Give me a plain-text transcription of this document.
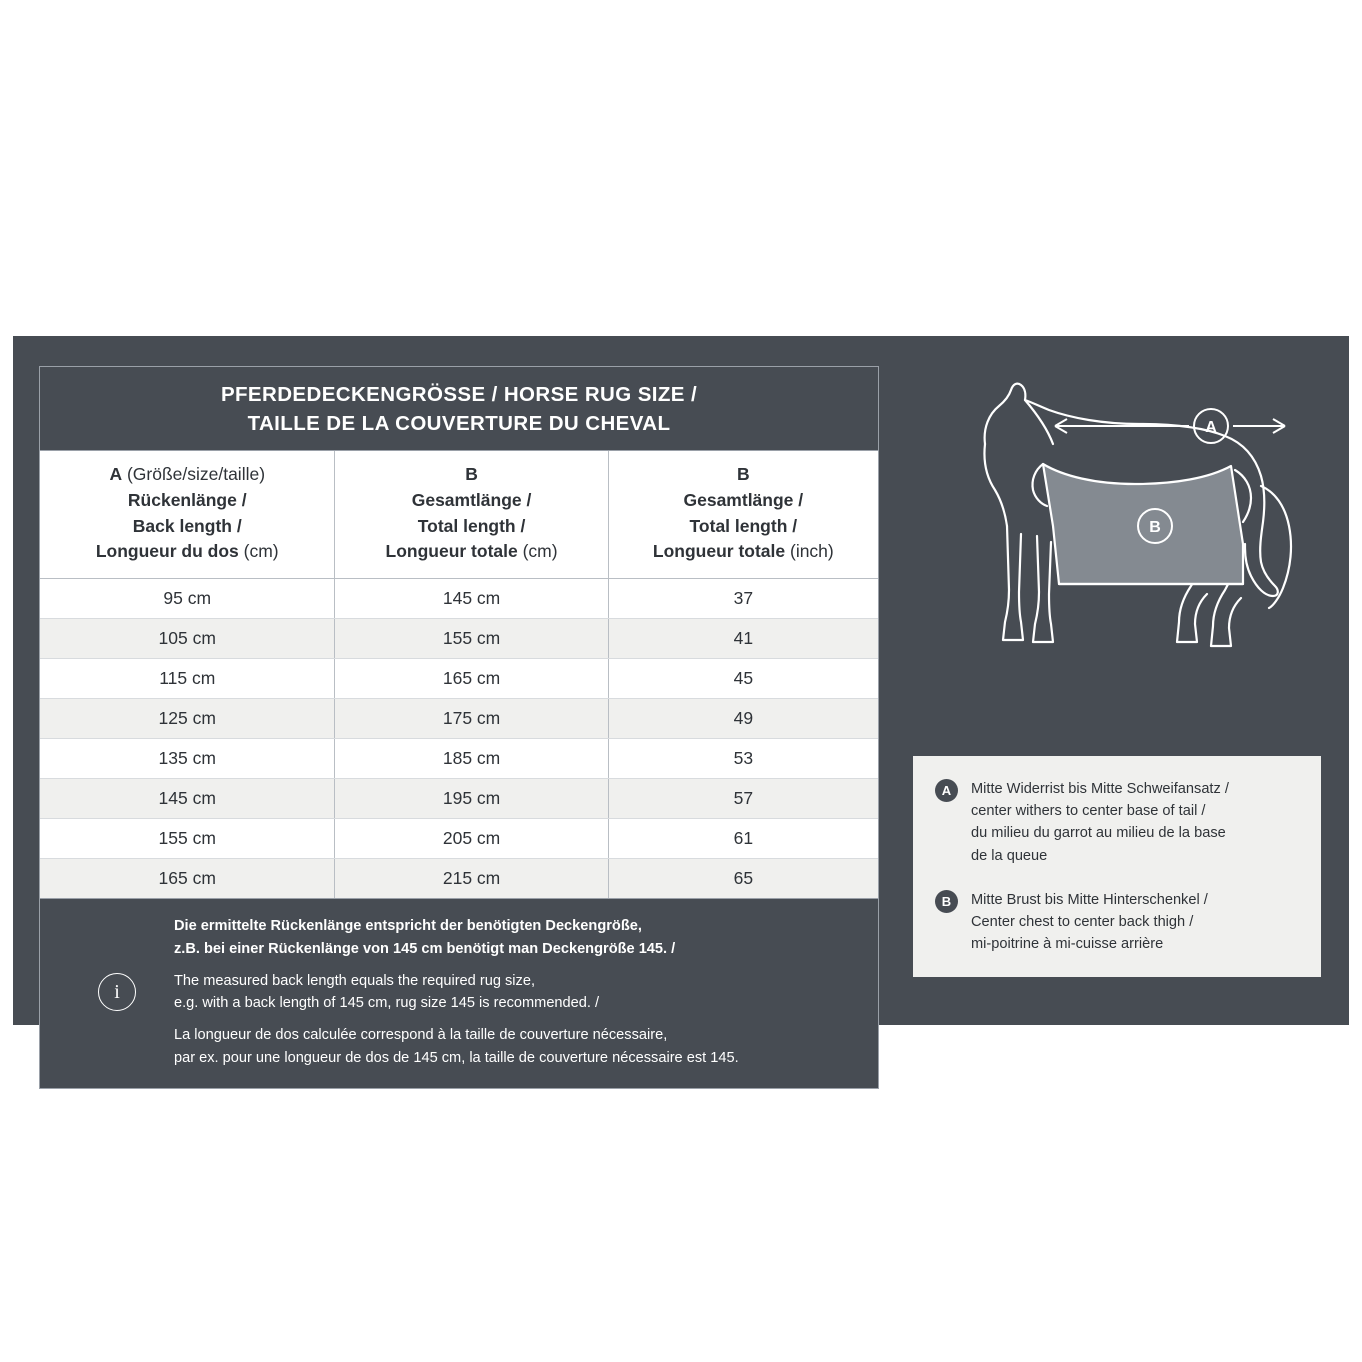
PFERDEDECKENGRÖSSE / HORSE RUG SIZE /
TAILLE DE LA COUVERTURE DU CHEVAL
A (Größe/size/taille)
Rückenlänge /
Back length /
Longueur du dos (cm)

B
Gesamtlänge /
Total length /
Longueur totale (cm)

B
Gesamtlänge /
Total length /
Longueur totale (inch)

95 cm	145 cm	37
105 cm	155 cm	41
115 cm	165 cm	45
125 cm	175 cm	49
135 cm	185 cm	53
145 cm	195 cm	57
155 cm	205 cm	61
165 cm	215 cm	65
i

Die ermittelte Rückenlänge entspricht der benötigten Deckengröße,
z.B. bei einer Rückenlänge von 145 cm benötigt man Deckengröße 145. /

The measured back length equals the required rug size,
e.g. with a back length of 145 cm, rug size 145 is recommended. /

La longueur de dos calculée correspond à la taille de couverture nécessaire,
par ex. pour une longueur de dos de 145 cm, la taille de couverture nécessaire est 145.

A
B
A	Mitte Widerrist bis Mitte Schweifansatz /
center withers to center base of tail /
du milieu du garrot au milieu de la base
de la queue
B	Mitte Brust bis Mitte Hinterschenkel /
Center chest to center back thigh /
mi-poitrine à mi-cuisse arrière
